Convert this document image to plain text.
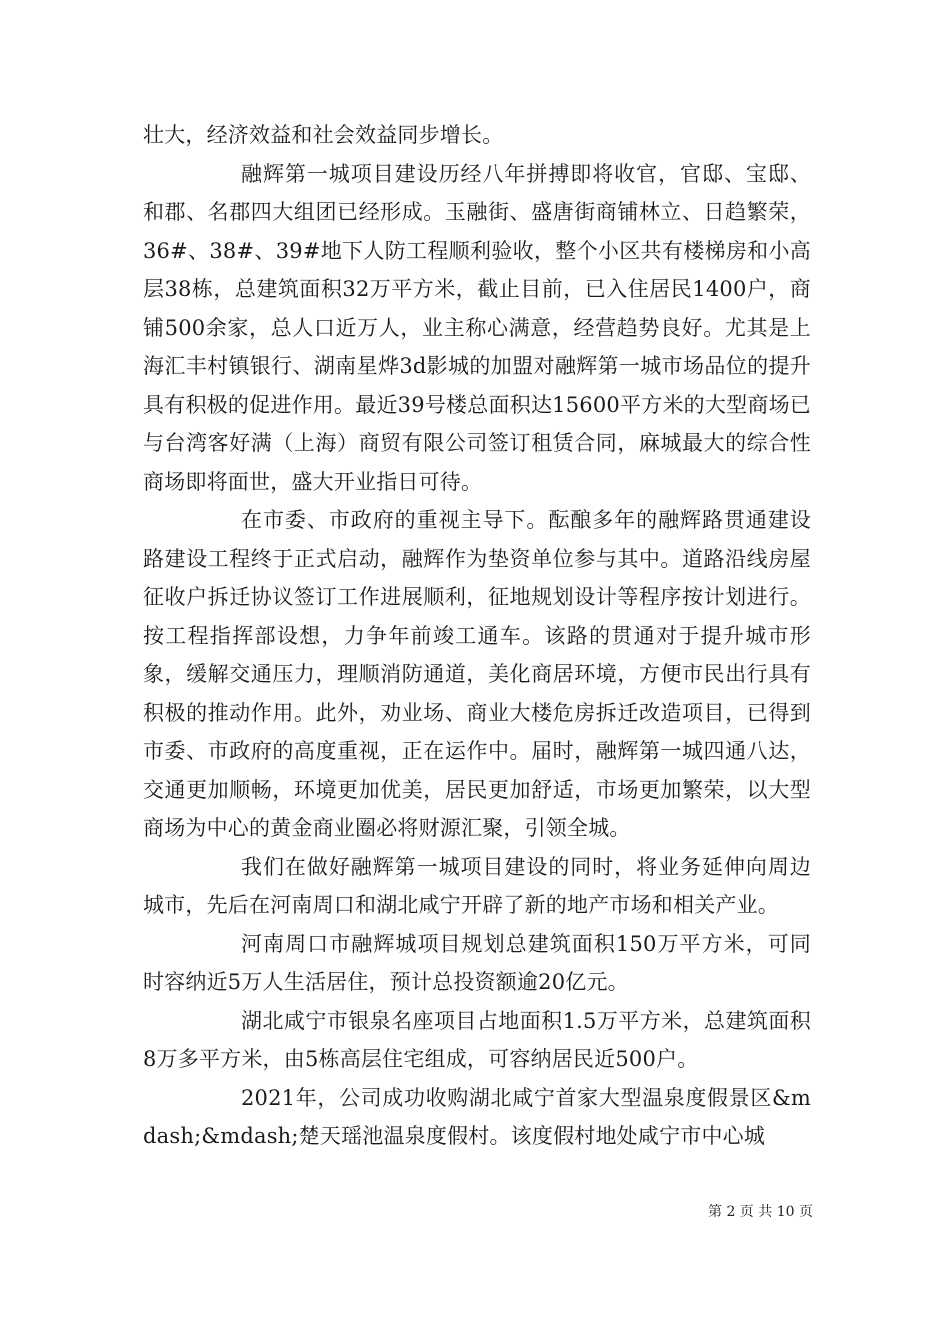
壮大，经济效益和社会效益同步增长。

融辉第一城项目建设历经八年拼搏即将收官，官邸、宝邸、和郡、名郡四大组团已经形成。玉融街、盛唐街商铺林立、日趋繁荣，36#、38#、39#地下人防工程顺利验收，整个小区共有楼梯房和小高层38栋，总建筑面积32万平方米，截止目前，已入住居民1400户，商铺500余家，总人口近万人，业主称心满意，经营趋势良好。尤其是上海汇丰村镇银行、湖南星烨3d影城的加盟对融辉第一城市场品位的提升具有积极的促进作用。最近39号楼总面积达15600平方米的大型商场已与台湾客好满（上海）商贸有限公司签订租赁合同，麻城最大的综合性商场即将面世，盛大开业指日可待。

在市委、市政府的重视主导下。酝酿多年的融辉路贯通建设路建设工程终于正式启动，融辉作为垫资单位参与其中。道路沿线房屋征收户拆迁协议签订工作进展顺利，征地规划设计等程序按计划进行。按工程指挥部设想，力争年前竣工通车。该路的贯通对于提升城市形象，缓解交通压力，理顺消防通道，美化商居环境，方便市民出行具有积极的推动作用。此外，劝业场、商业大楼危房拆迁改造项目，已得到市委、市政府的高度重视，正在运作中。届时，融辉第一城四通八达，交通更加顺畅，环境更加优美，居民更加舒适，市场更加繁荣，以大型商场为中心的黄金商业圈必将财源汇聚，引领全城。

我们在做好融辉第一城项目建设的同时，将业务延伸向周边城市，先后在河南周口和湖北咸宁开辟了新的地产市场和相关产业。

河南周口市融辉城项目规划总建筑面积150万平方米，可同时容纳近5万人生活居住，预计总投资额逾20亿元。

湖北咸宁市银泉名座项目占地面积1.5万平方米，总建筑面积8万多平方米，由5栋高层住宅组成，可容纳居民近500户。

2021年，公司成功收购湖北咸宁首家大型温泉度假景区&mdash;&mdash;楚天瑶池温泉度假村。该度假村地处咸宁市中心城

第 2 页 共 10 页
